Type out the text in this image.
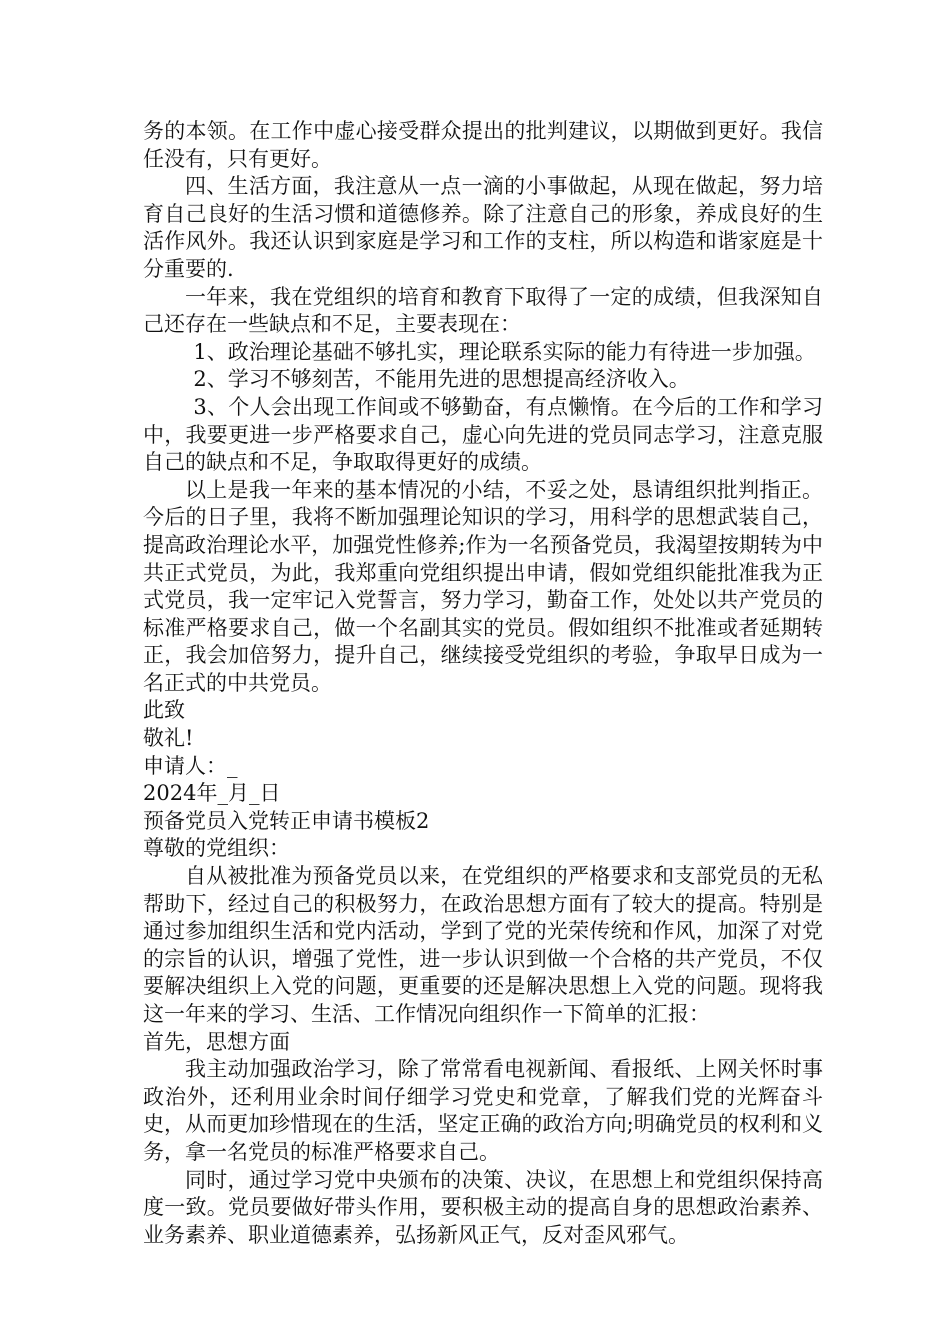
务的本领。在工作中虚心接受群众提出的批判建议，以期做到更好。我信任没有，只有更好。

四、生活方面，我注意从一点一滴的小事做起，从现在做起，努力培育自己良好的生活习惯和道德修养。除了注意自己的形象，养成良好的生活作风外。我还认识到家庭是学习和工作的支柱，所以构造和谐家庭是十分重要的.

一年来，我在党组织的培育和教育下取得了一定的成绩，但我深知自己还存在一些缺点和不足，主要表现在：

1、政治理论基础不够扎实，理论联系实际的能力有待进一步加强。

2、学习不够刻苦，不能用先进的思想提高经济收入。

3、个人会出现工作间或不够勤奋，有点懒惰。在今后的工作和学习中，我要更进一步严格要求自己，虚心向先进的党员同志学习，注意克服自己的缺点和不足，争取取得更好的成绩。

以上是我一年来的基本情况的小结，不妥之处，恳请组织批判指正。今后的日子里，我将不断加强理论知识的学习，用科学的思想武装自己，提高政治理论水平，加强党性修养;作为一名预备党员，我渴望按期转为中共正式党员，为此，我郑重向党组织提出申请，假如党组织能批准我为正式党员，我一定牢记入党誓言，努力学习，勤奋工作，处处以共产党员的标准严格要求自己，做一个名副其实的党员。假如组织不批准或者延期转正，我会加倍努力，提升自己，继续接受党组织的考验，争取早日成为一名正式的中共党员。

此致

敬礼!

申请人：_

2024年_月_日

预备党员入党转正申请书模板2

尊敬的党组织：

自从被批准为预备党员以来，在党组织的严格要求和支部党员的无私帮助下，经过自己的积极努力，在政治思想方面有了较大的提高。特别是通过参加组织生活和党内活动，学到了党的光荣传统和作风，加深了对党的宗旨的认识，增强了党性，进一步认识到做一个合格的共产党员，不仅要解决组织上入党的问题，更重要的还是解决思想上入党的问题。现将我这一年来的学习、生活、工作情况向组织作一下简单的汇报：

首先，思想方面

我主动加强政治学习，除了常常看电视新闻、看报纸、上网关怀时事政治外，还利用业余时间仔细学习党史和党章，了解我们党的光辉奋斗史，从而更加珍惜现在的生活，坚定正确的政治方向;明确党员的权利和义务，拿一名党员的标准严格要求自己。

同时，通过学习党中央颁布的决策、决议，在思想上和党组织保持高度一致。党员要做好带头作用，要积极主动的提高自身的思想政治素养、业务素养、职业道德素养，弘扬新风正气，反对歪风邪气。
